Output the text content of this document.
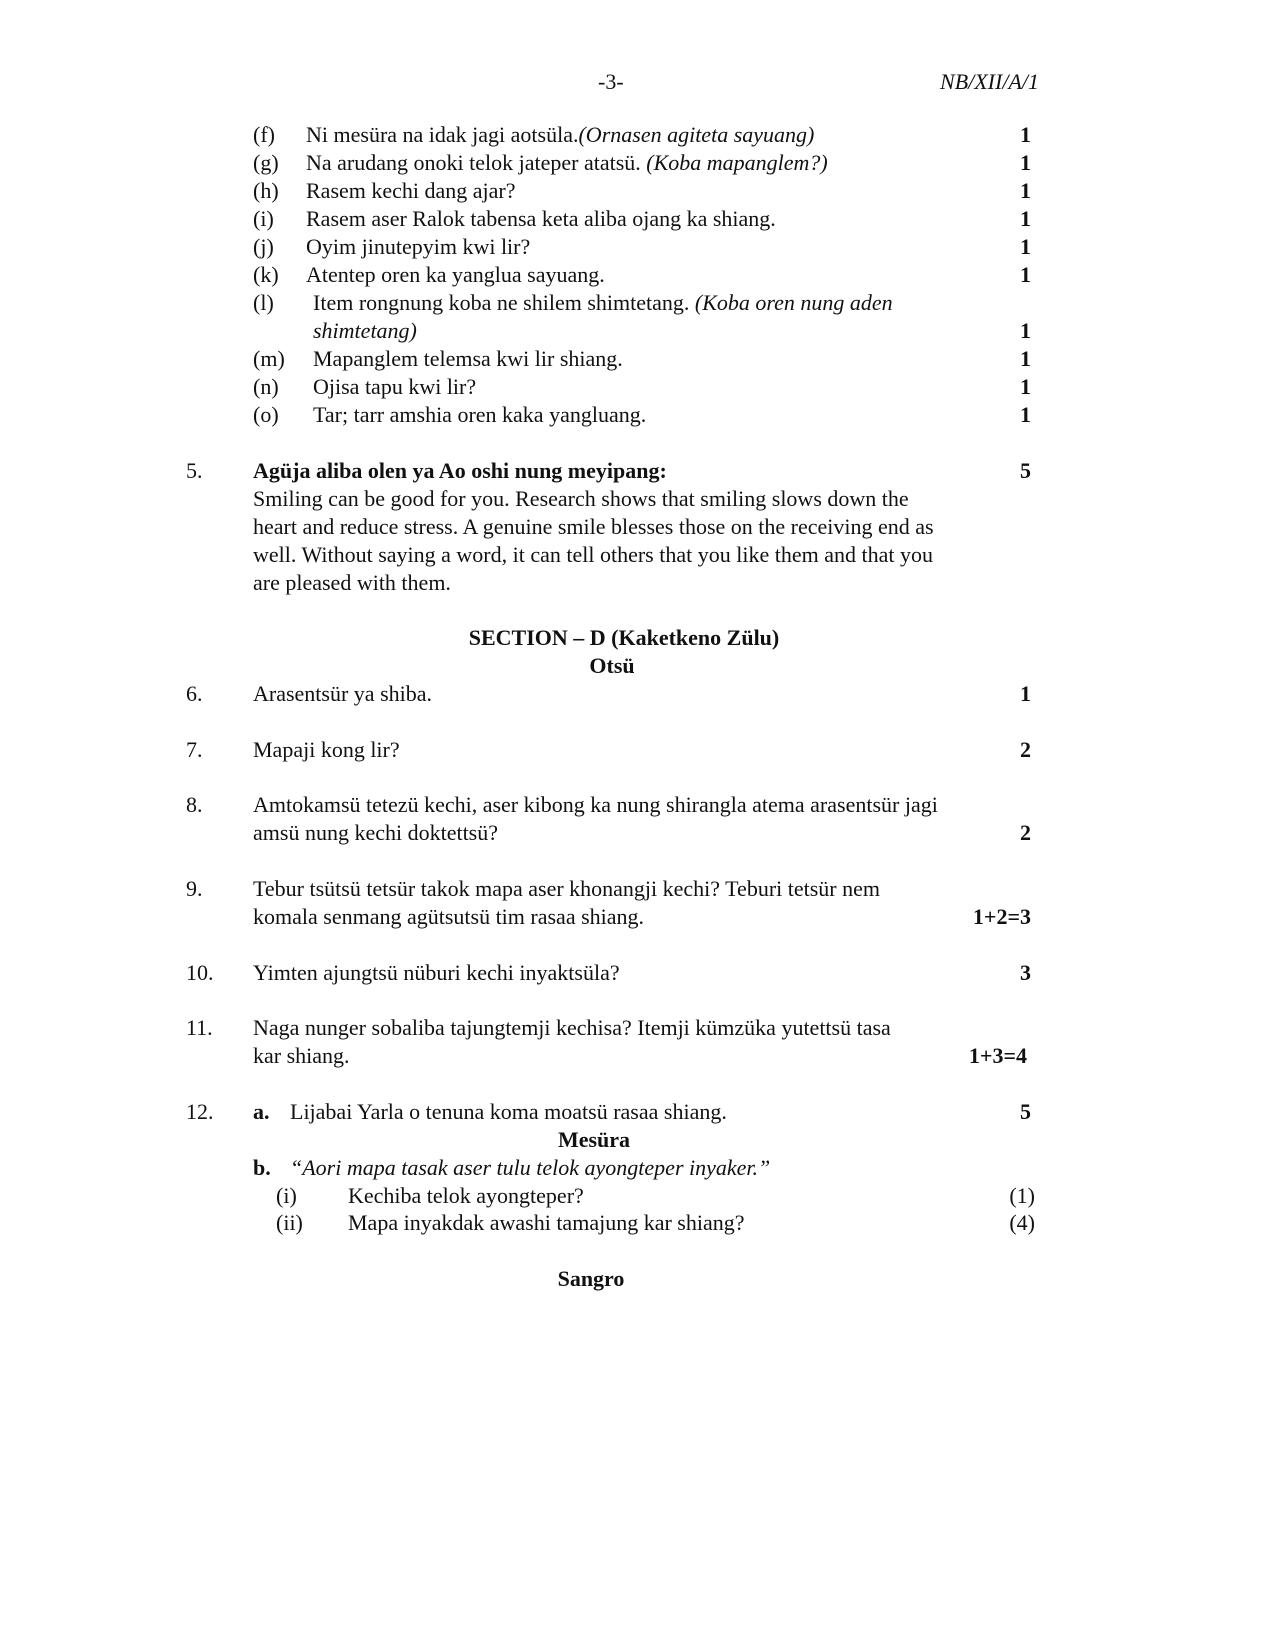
-3-	NB/XII/A/1
(f) Ni mesüra na idak jagi aotsüla.(Ornasen agiteta sayuang)	1
(g) Na arudang onoki telok jateper atatsü. (Koba mapanglem?)	1
(h) Rasem kechi dang ajar?	1
(i) Rasem aser Ralok tabensa keta aliba ojang ka shiang.	1
(j) Oyim jinutepyim kwi lir?	1
(k) Atentep oren ka yanglua sayuang.	1
(l) Item rongnung koba ne shilem shimtetang. (Koba oren nung aden
shimtetang)	1
(m) Mapanglem telemsa kwi lir shiang.	1
(n) Ojisa tapu kwi lir?	1
(o) Tar; tarr amshia oren kaka yangluang.	1
5. Agüja aliba olen ya Ao oshi nung meyipang:	5
Smiling can be good for you. Research shows that smiling slows down the
heart and reduce stress. A genuine smile blesses those on the receiving end as
well. Without saying a word, it can tell others that you like them and that you
are pleased with them.
SECTION – D (Kaketkeno Zülu)
Otsü
6. Arasentsür ya shiba.	1
7. Mapaji kong lir?	2
8. Amtokamsü tetezü kechi, aser kibong ka nung shirangla atema arasentsür jagi
amsü nung kechi doktettsü?	2
9. Tebur tsütsü tetsür takok mapa aser khonangji kechi? Teburi tetsür nem
komala senmang agütsutsü tim rasaa shiang.	1+2=3
10. Yimten ajungtsü nüburi kechi inyaktsüla?	3
11. Naga nunger sobaliba tajungtemji kechisa? Itemji kümzüka yutettsü tasa
kar shiang.	1+3=4
12. a. Lijabai Yarla o tenuna koma moatsü rasaa shiang.	5
Mesüra
b. “Aori mapa tasak aser tulu telok ayongteper inyaker.”
(i) Kechiba telok ayongteper?	(1)
(ii) Mapa inyakdak awashi tamajung kar shiang?	(4)
Sangro
